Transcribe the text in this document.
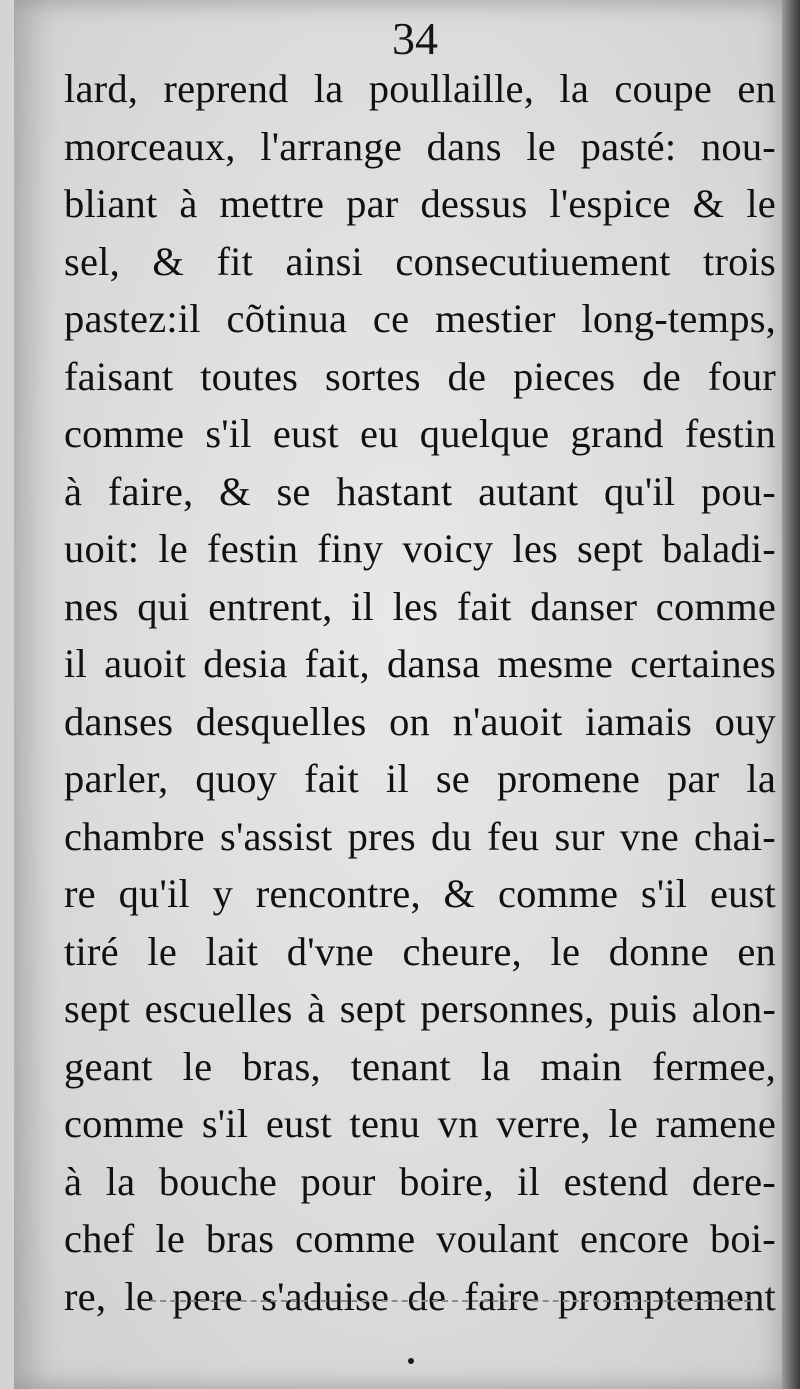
34
lard, reprend la poullaille, la coupe en
morceaux, l'arrange dans le pasté: nou-
bliant à mettre par dessus l'espice & le
sel, & fit ainsi consecutiuement trois
pastez:il cõtinua ce mestier long-temps,
faisant toutes sortes de pieces de four
comme s'il eust eu quelque grand festin
à faire, & se hastant autant qu'il pou-
uoit: le festin finy voicy les sept baladi-
nes qui entrent, il les fait danser comme
il auoit desia fait, dansa mesme certaines
danses desquelles on n'auoit iamais ouy
parler, quoy fait il se promene par la
chambre s'assist pres du feu sur vne chai-
re qu'il y rencontre, & comme s'il eust
tiré le lait d'vne cheure, le donne en
sept escuelles à sept personnes, puis alon-
geant le bras, tenant la main fermee,
comme s'il eust tenu vn verre, le ramene
à la bouche pour boire, il estend dere-
chef le bras comme voulant encore boi-
re, le pere s'aduise de faire promptement
